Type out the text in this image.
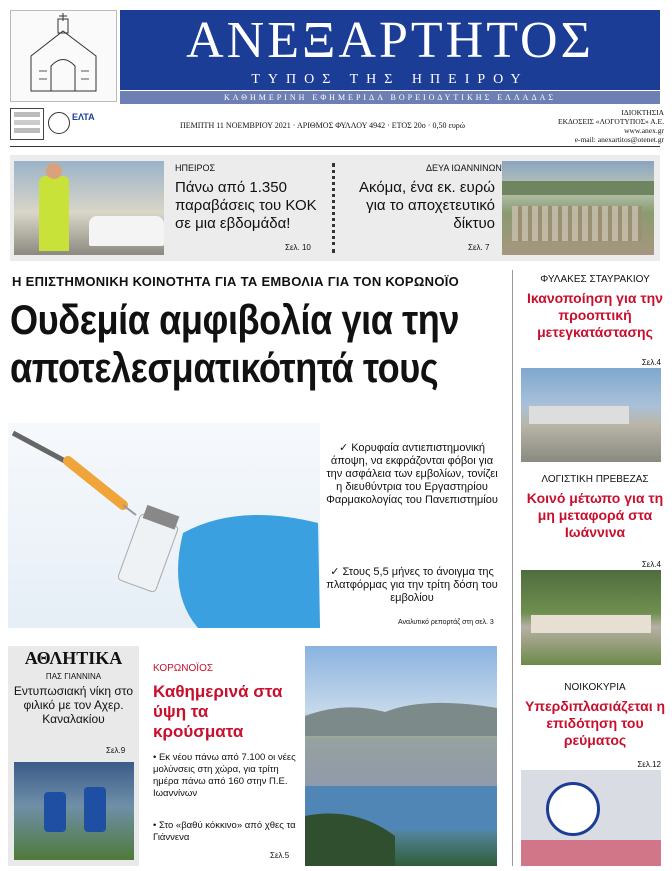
ΑΝΕΞΑΡΤΗΤΟΣ
ΤΥΠΟΣ ΤΗΣ ΗΠΕΙΡΟΥ
ΚΑΘΗΜΕΡΙΝΗ ΕΦΗΜΕΡΙΔΑ ΒΟΡΕΙΟΔΥΤΙΚΗΣ ΕΛΛΑΔΑΣ
ΕΛΤΑ
ΠΕΜΠΤΗ 11 ΝΟΕΜΒΡΙΟΥ 2021 · ΑΡΙΘΜΟΣ ΦΥΛΛΟΥ 4942 · ΕΤΟΣ 20ο · 0,50 ευρώ
ΙΔΙΟΚΤΗΣΙΑ
ΕΚΔΟΣΕΙΣ «ΛΟΓΟΤΥΠΟΣ» Α.Ε.
www.anex.gr
e-mail: anexartitos@otenet.gr
ΗΠΕΙΡΟΣ
Πάνω από 1.350 παραβάσεις του ΚΟΚ σε μια εβδομάδα!
Σελ. 10
ΔΕΥΑ ΙΩΑΝΝΙΝΩΝ
Ακόμα, ένα εκ. ευρώ για το αποχετευτικό δίκτυο
Σελ. 7
Η ΕΠΙΣΤΗΜΟΝΙΚΗ ΚΟΙΝΟΤΗΤΑ ΓΙΑ ΤΑ ΕΜΒΟΛΙΑ ΓΙΑ ΤΟΝ ΚΟΡΩΝΟΪΟ
Ουδεμία αμφιβολία για την
αποτελεσματικότητά τους
✓ Κορυφαία αντιεπιστημονική άποψη, να εκφράζονται φόβοι για την ασφάλεια των εμβολίων, τονίζει η διευθύντρια του Εργαστηρίου Φαρμακολογίας του Πανεπιστημίου
✓ Στους 5,5 μήνες το άνοιγμα της πλατφόρμας για την τρίτη δόση του εμβολίου
Αναλυτικό ρεπορτάζ στη σελ. 3
ΦΥΛΑΚΕΣ ΣΤΑΥΡΑΚΙΟΥ
Ικανοποίηση για την προοπτική μετεγκατάστασης
Σελ.4
ΛΟΓΙΣΤΙΚΗ ΠΡΕΒΕΖΑΣ
Κοινό μέτωπο για τη μη μεταφορά στα Ιωάννινα
Σελ.4
ΝΟΙΚΟΚΥΡΙΑ
Υπερδιπλασιάζεται η επιδότηση του ρεύματος
Σελ.12
ΑΘΛΗΤΙΚΑ
ΠΑΣ ΓΙΑΝΝΙΝΑ
Εντυπωσιακή νίκη στο φιλικό με τον Αχερ. Καναλακίου
Σελ.9
ΚΟΡΩΝΟΪΟΣ
Καθημερινά στα ύψη τα κρούσματα
• Εκ νέου πάνω από 7.100 οι νέες μολύνσεις στη χώρα, για τρίτη ημέρα πάνω από 160 στην Π.Ε. Ιωαννίνων
• Στο «βαθύ κόκκινο» από χθες τα Γιάννενα
Σελ.5
